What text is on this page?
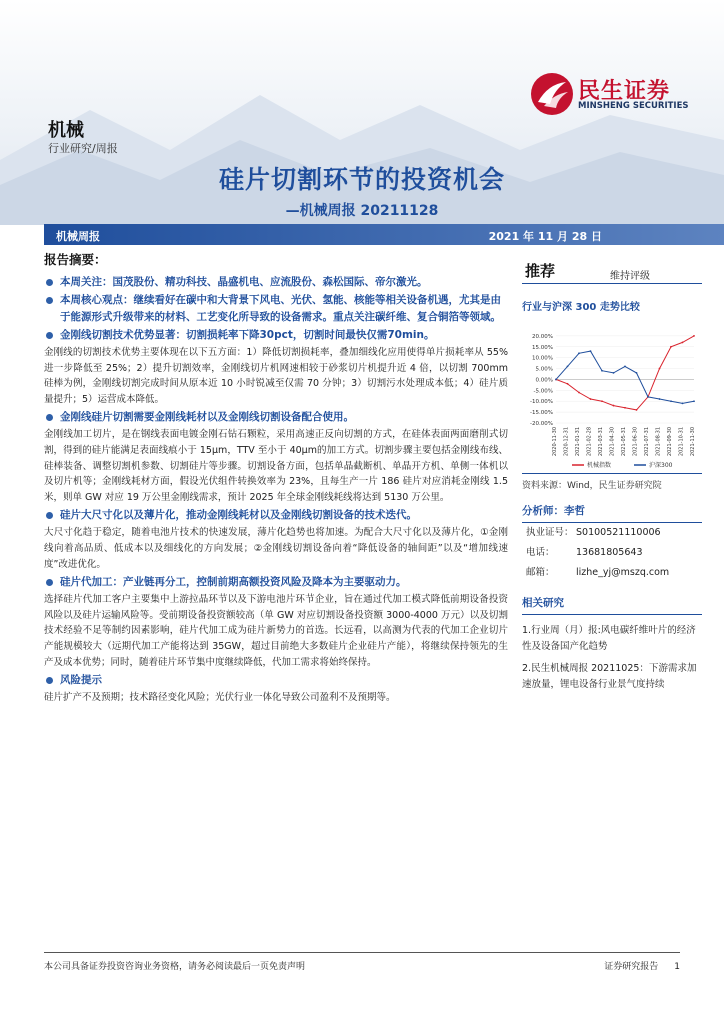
民生证券
MINSHENG SECURITIES
机械
行业研究/周报
硅片切割环节的投资机会
—机械周报 20211128
机械周报	2021 年 11 月 28 日
报告摘要：
本周关注：国茂股份、精功科技、晶盛机电、应流股份、森松国际、帝尔激光。
本周核心观点：继续看好在碳中和大背景下风电、光伏、氢能、核能等相关设备机遇，尤其是由于能源形式升级带来的材料、工艺变化所导致的设备需求。重点关注碳纤维、复合铜箔等领域。
金刚线切割技术优势显著：切割损耗率下降30pct，切割时间最快仅需70min。
金刚线的切割技术优势主要体现在以下五方面：1）降低切割损耗率，叠加细线化应用使得单片损耗率从 55%进一步降低至 25%；2）提升切割效率，金刚线切片机网速相较于砂浆切片机提升近 4 倍，以切割 700mm 硅棒为例，金刚线切割完成时间从原本近 10 小时锐减至仅需 70 分钟；3）切割污水处理成本低；4）硅片质量提升；5）运营成本降低。
金刚线硅片切割需要金刚线耗材以及金刚线切割设备配合使用。
金刚线加工切片，是在钢线表面电镀金刚石钻石颗粒，采用高速正反向切割的方式，在硅体表面两面磨削式切割，得到的硅片能满足表面线痕小于 15μm，TTV 至小于 40μm的加工方式。切割步骤主要包括金刚线布线、硅棒装备、调整切割机参数、切割硅片等步骤。切割设备方面，包括单晶截断机、单晶开方机、单侧一体机以及切片机等；金刚线耗材方面，假设光伏组件转换效率为 23%，且每生产一片 186 硅片对应消耗金刚线 1.5 米，则单 GW 对应 19 万公里金刚线需求，预计 2025 年全球金刚线耗线将达到 5130 万公里。
硅片大尺寸化以及薄片化，推动金刚线耗材以及金刚线切割设备的技术迭代。
大尺寸化趋于稳定，随着电池片技术的快速发展，薄片化趋势也将加速。为配合大尺寸化以及薄片化，①金刚线向着高品质、低成本以及细线化的方向发展；②金刚线切割设备向着“降低设备的轴间距”以及“增加线速度”改进优化。
硅片代加工：产业链再分工，控制前期高额投资风险及降本为主要驱动力。
选择硅片代加工客户主要集中上游拉晶环节以及下游电池片环节企业，旨在通过代加工模式降低前期设备投资风险以及硅片运输风险等。受前期设备投资额较高（单 GW 对应切割设备投资额 3000-4000 万元）以及切割技术经验不足等制约因素影响，硅片代加工成为硅片新势力的首选。长远看，以高测为代表的代加工企业切片产能规模较大（远期代加工产能将达到 35GW，超过目前绝大多数硅片企业硅片产能），将继续保持领先的生产及成本优势；同时，随着硅片环节集中度继续降低，代加工需求将始终保持。
风险提示
硅片扩产不及预期；技术路径变化风险；光伏行业一体化导致公司盈利不及预期等。
推荐	维持评级
行业与沪深 300 走势比较
20.00%
15.00%
10.00%
5.00%
0.00%
-5.00%
-10.00%
-15.00%
-20.00%
2020-11-30 2020-12-31 2021-01-31 2021-02-28 2021-03-31 2021-04-30 2021-05-31 2021-06-30 2021-07-31 2021-08-31 2021-09-30 2021-10-31 2021-11-30
机械指数	沪深300
资料来源：Wind，民生证券研究院
分析师：李哲
执业证号： S0100521110006
电话： 13681805643
邮箱： lizhe_yj@mszq.com
相关研究

1.行业周（月）报:风电碳纤维叶片的经济性及设备国产化趋势

2.民生机械周报 20211025：下游需求加速放量，锂电设备行业景气度持续

本公司具备证券投资咨询业务资格，请务必阅读最后一页免责声明	证券研究报告 1
